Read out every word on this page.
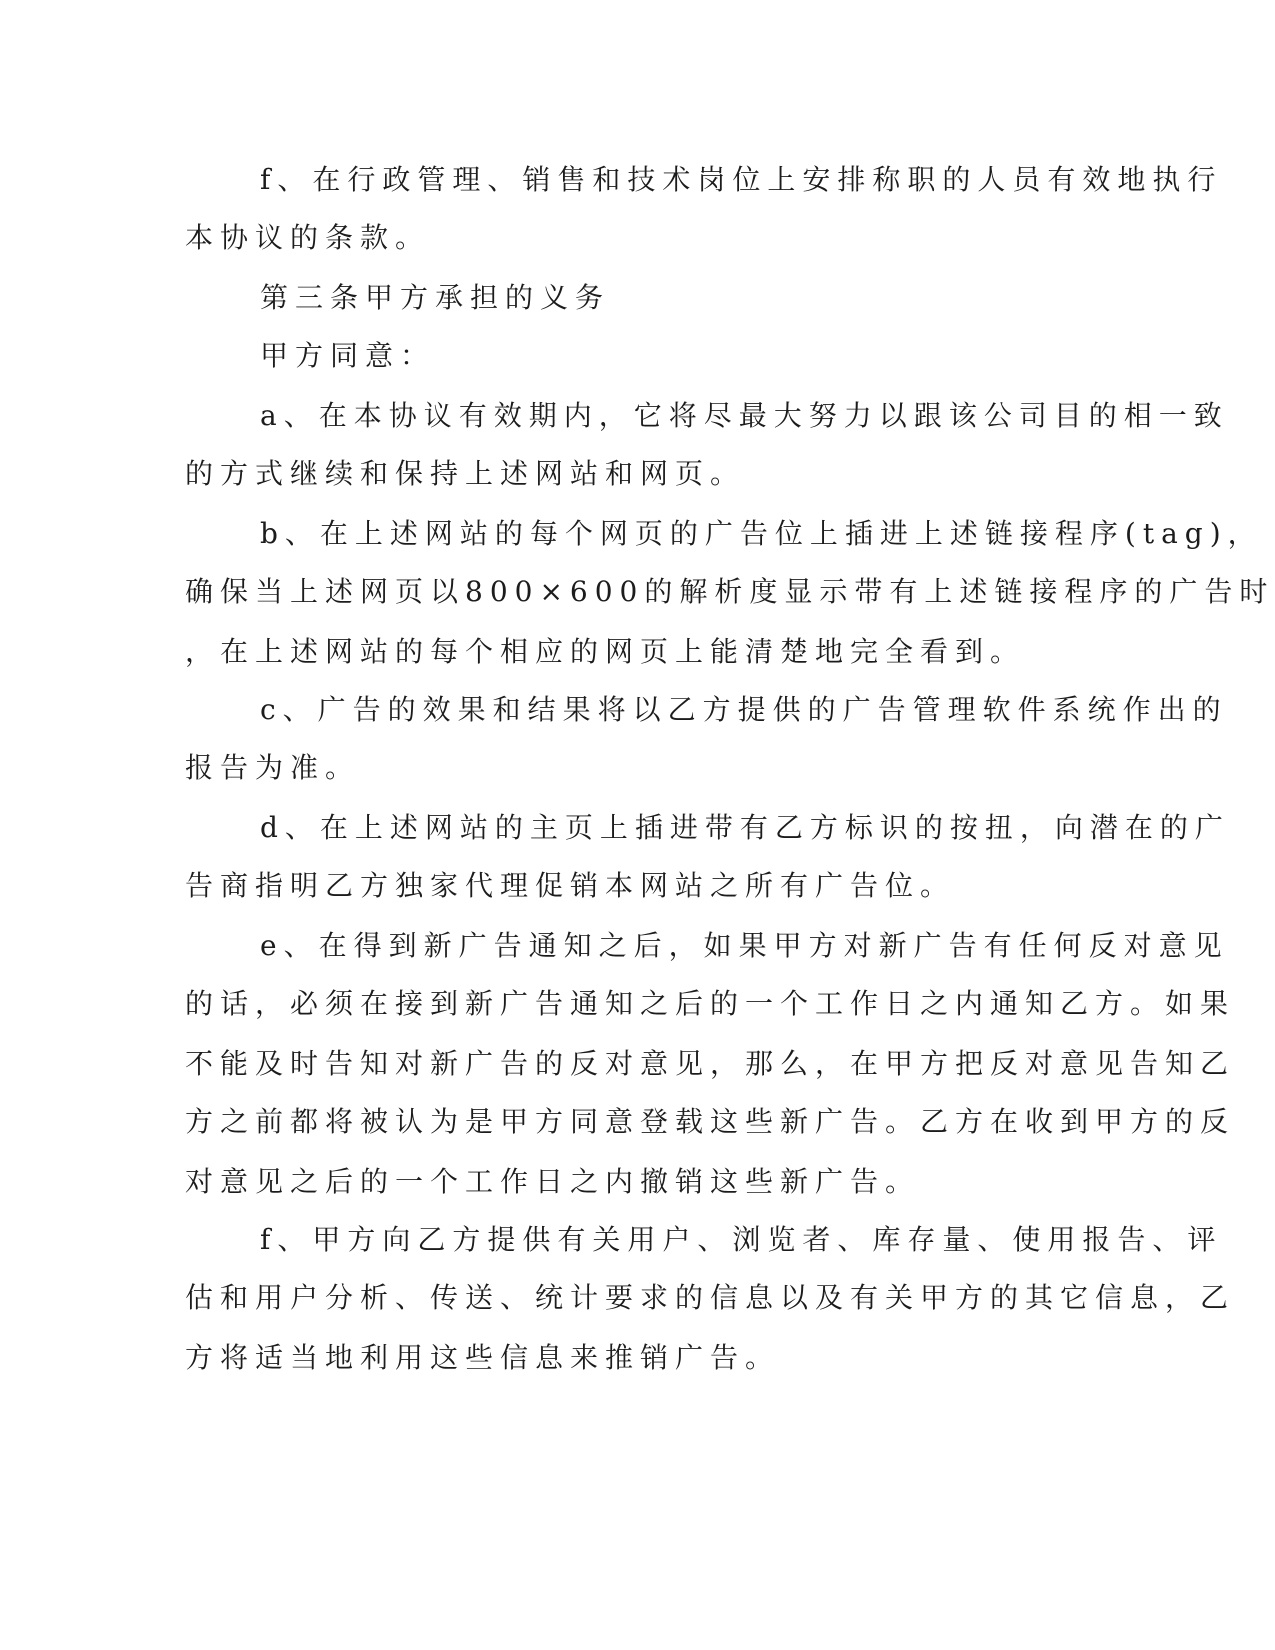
f、在行政管理、销售和技术岗位上安排称职的人员有效地执行
本协议的条款。
第三条甲方承担的义务
甲方同意：
a、在本协议有效期内，它将尽最大努力以跟该公司目的相一致
的方式继续和保持上述网站和网页。
b、在上述网站的每个网页的广告位上插进上述链接程序(tag)，
确保当上述网页以800×600的解析度显示带有上述链接程序的广告时
，在上述网站的每个相应的网页上能清楚地完全看到。
c、广告的效果和结果将以乙方提供的广告管理软件系统作出的
报告为准。
d、在上述网站的主页上插进带有乙方标识的按扭，向潜在的广
告商指明乙方独家代理促销本网站之所有广告位。
e、在得到新广告通知之后，如果甲方对新广告有任何反对意见
的话，必须在接到新广告通知之后的一个工作日之内通知乙方。如果
不能及时告知对新广告的反对意见，那么，在甲方把反对意见告知乙
方之前都将被认为是甲方同意登载这些新广告。乙方在收到甲方的反
对意见之后的一个工作日之内撤销这些新广告。
f、甲方向乙方提供有关用户、浏览者、库存量、使用报告、评
估和用户分析、传送、统计要求的信息以及有关甲方的其它信息，乙
方将适当地利用这些信息来推销广告。
